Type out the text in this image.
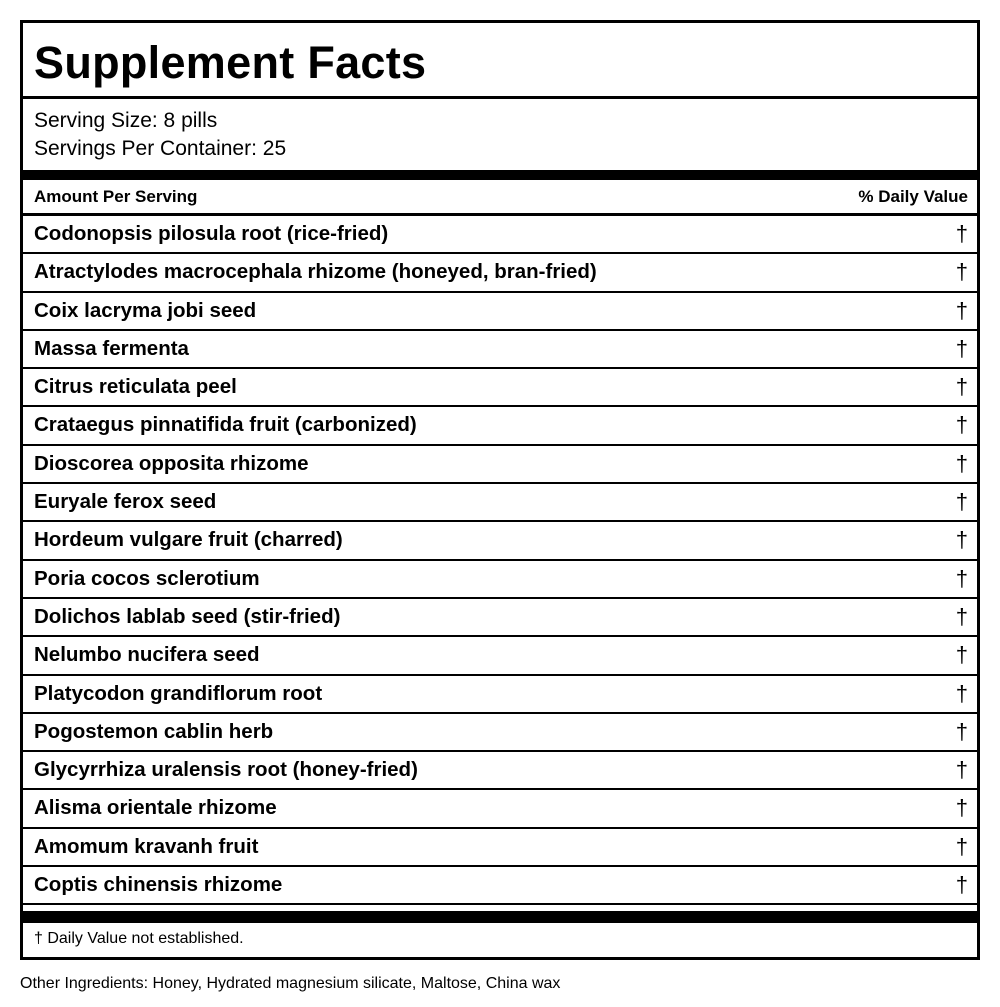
Supplement Facts
Serving Size: 8 pills
Servings Per Container: 25
Amount Per Serving	% Daily Value
Codonopsis pilosula root (rice-fried)	†
Atractylodes macrocephala rhizome (honeyed, bran-fried)	†
Coix lacryma jobi seed	†
Massa fermenta	†
Citrus reticulata peel	†
Crataegus pinnatifida fruit (carbonized)	†
Dioscorea opposita rhizome	†
Euryale ferox seed	†
Hordeum vulgare fruit (charred)	†
Poria cocos sclerotium	†
Dolichos lablab seed (stir-fried)	†
Nelumbo nucifera seed	†
Platycodon grandiflorum root	†
Pogostemon cablin herb	†
Glycyrrhiza uralensis root (honey-fried)	†
Alisma orientale rhizome	†
Amomum kravanh fruit	†
Coptis chinensis rhizome	†
† Daily Value not established.
Other Ingredients: Honey, Hydrated magnesium silicate, Maltose, China wax
